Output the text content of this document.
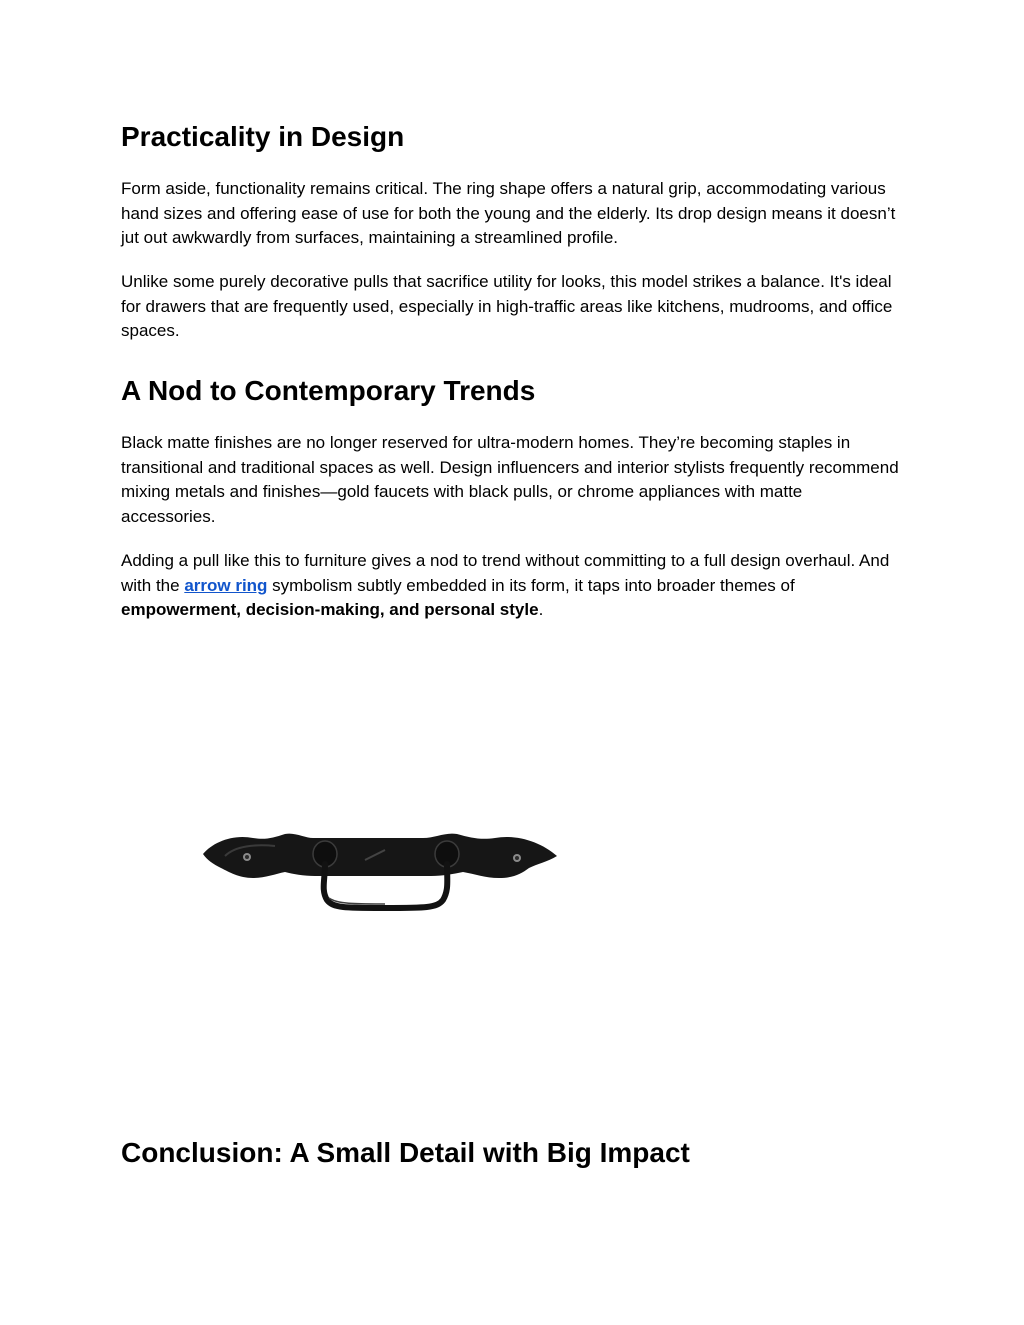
Practicality in Design

Form aside, functionality remains critical. The ring shape offers a natural grip, accommodating various hand sizes and offering ease of use for both the young and the elderly. Its drop design means it doesn’t jut out awkwardly from surfaces, maintaining a streamlined profile.

Unlike some purely decorative pulls that sacrifice utility for looks, this model strikes a balance. It's ideal for drawers that are frequently used, especially in high-traffic areas like kitchens, mudrooms, and office spaces.

A Nod to Contemporary Trends

Black matte finishes are no longer reserved for ultra-modern homes. They’re becoming staples in transitional and traditional spaces as well. Design influencers and interior stylists frequently recommend mixing metals and finishes—gold faucets with black pulls, or chrome appliances with matte accessories.

Adding a pull like this to furniture gives a nod to trend without committing to a full design overhaul. And with the arrow ring symbolism subtly embedded in its form, it taps into broader themes of empowerment, decision-making, and personal style.

Conclusion: A Small Detail with Big Impact
